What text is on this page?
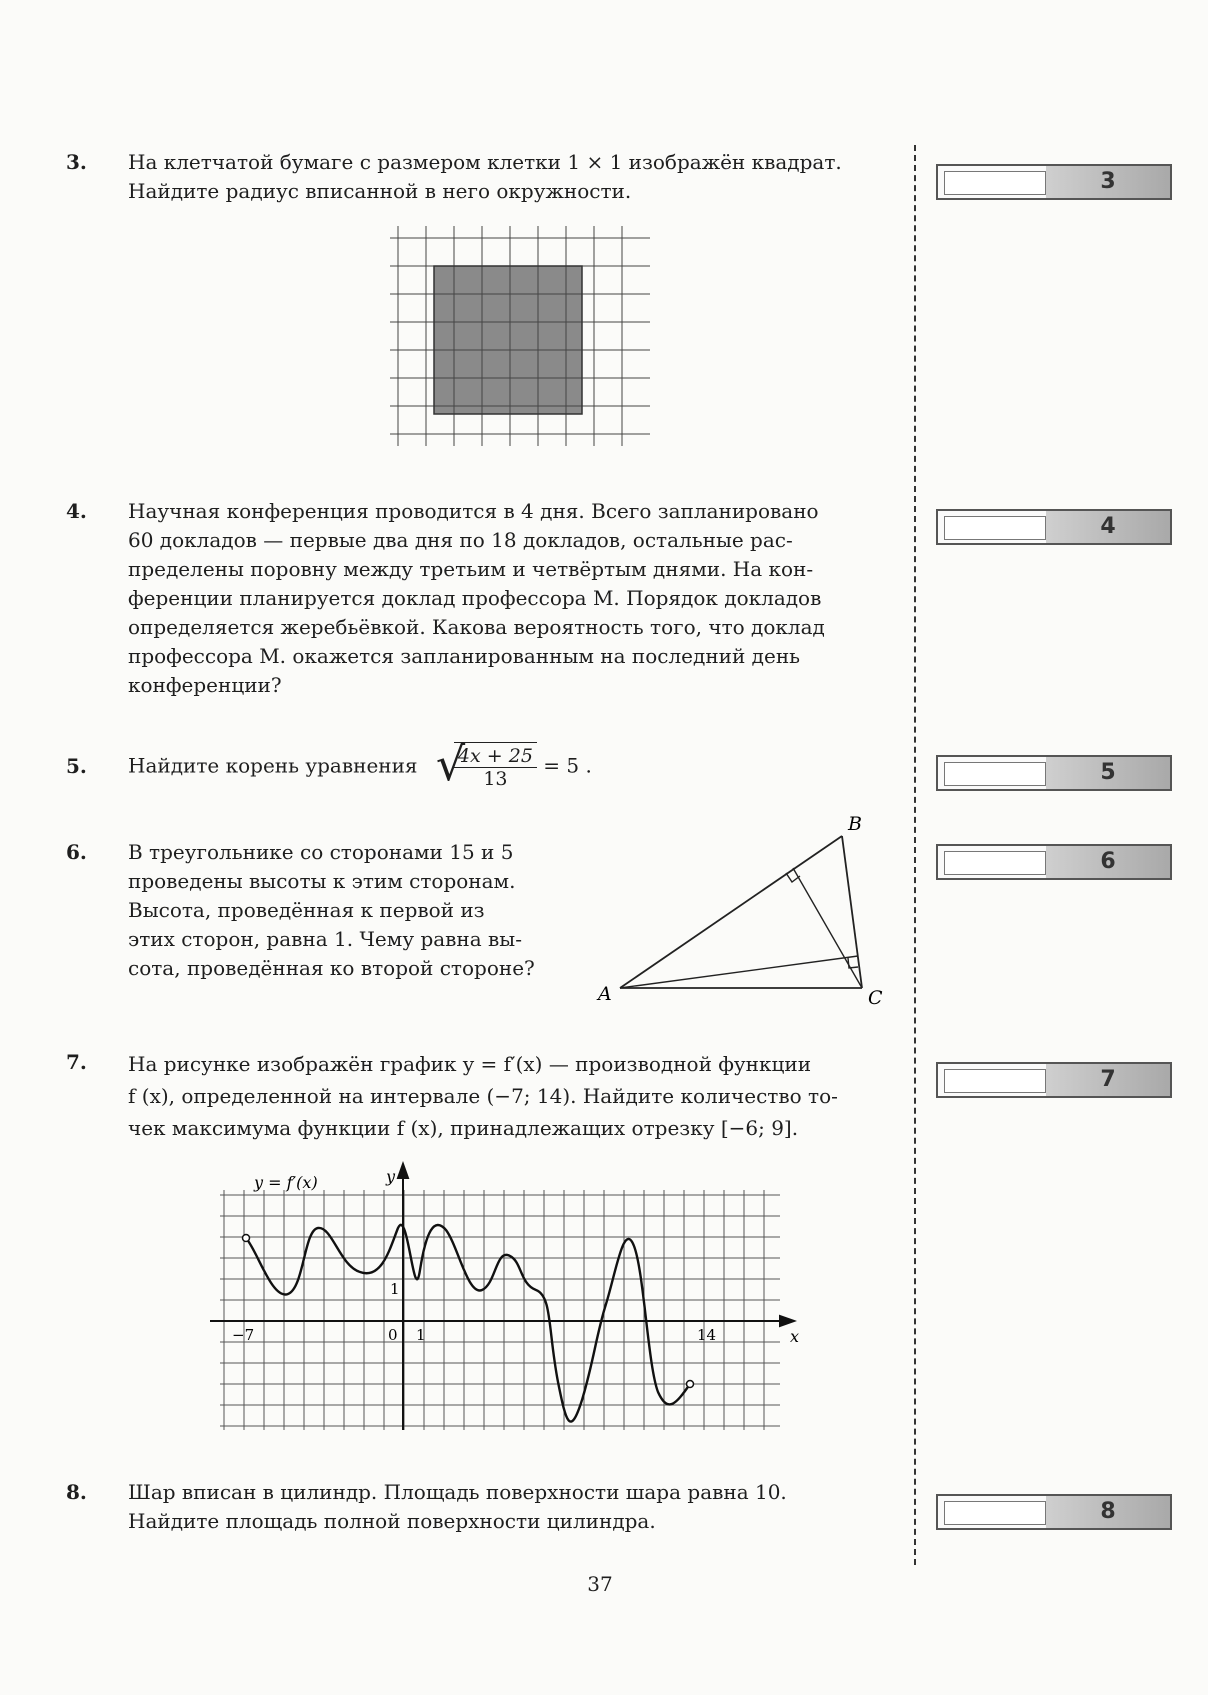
3.	На клетчатой бумаге с размером клетки 1 × 1 изображён квадрат.

Найдите радиус вписанной в него окружности.

4.	Научная конференция проводится в 4 дня. Всего запланировано

60 докладов — первые два дня по 18 докладов, остальные рас-

пределены поровну между третьим и четвёртым днями. На кон-

ференции планируется доклад профессора М. Порядок докладов

определяется жеребьёвкой. Какова вероятность того, что доклад

профессора М. окажется запланированным на последний день

конференции?

5.	Найдите корень уравнения
√ $\frac{4x + 25}{13} = 5$ .
6.	В треугольнике со сторонами 15 и 5

проведены высоты к этим сторонам.

Высота, проведённая к первой из

этих сторон, равна 1. Чему равна вы-

сота, проведённая ко второй стороне?

A
B
C
7.	На рисунке изображён график y = f′(x) — производной функции

f (x), определенной на интервале (−7; 14). Найдите количество то-

чек максимума функции f (x), принадлежащих отрезку [−6; 9].

y = f′(x)	y
x
−7	0 1
1
14
8.	Шар вписан в цилиндр. Площадь поверхности шара равна 10.

Найдите площадь полной поверхности цилиндра.

3
4
5
6
7
8
37
